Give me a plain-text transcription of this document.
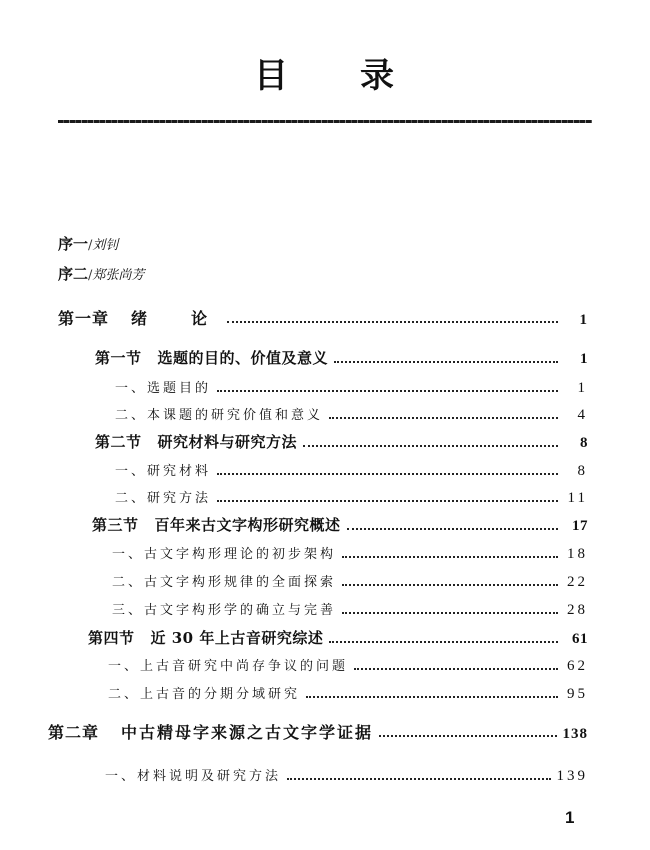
目 录
序一/刘钊
序二/郑张尚芳
第一章 绪　论	1
第一节 选题的目的、价值及意义	1
一、选题目的	1
二、本课题的研究价值和意义	4
第二节 研究材料与研究方法	8
一、研究材料	8
二、研究方法	11
第三节 百年来古文字构形研究概述	17
一、古文字构形理论的初步架构	18
二、古文字构形规律的全面探索	22
三、古文字构形学的确立与完善	28
第四节 近 30 年上古音研究综述	61
一、上古音研究中尚存争议的问题	62
二、上古音的分期分域研究	95
第二章 中古精母字来源之古文字学证据	138
一、材料说明及研究方法	139
1
